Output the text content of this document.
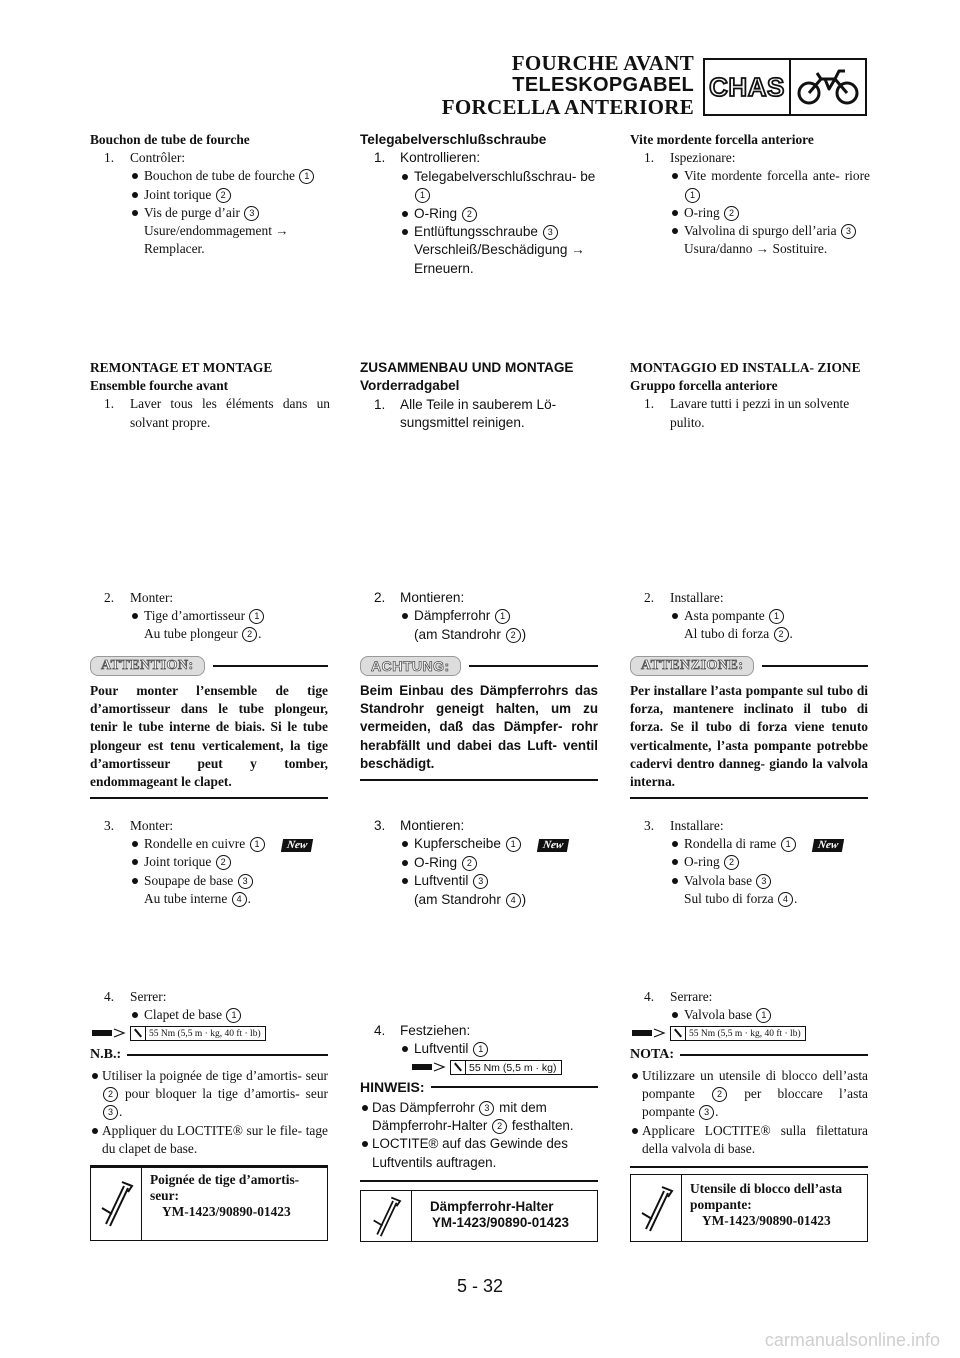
FOURCHE AVANT
TELESKOPGABEL
FORCELLA ANTERIORE
CHAS
Bouchon de tube de fourche
1.	Contrôler:
Bouchon de tube de fourche 1
Joint torique 2
Vis de purge d’air 3
Usure/endommagement →
Remplacer.
REMONTAGE ET MONTAGE
Ensemble fourche avant
1.	Laver tous les éléments dans un solvant propre.
2.	Monter:
Tige d’amortisseur 1
Au tube plongeur 2 .
ATTENTION:
Pour monter l’ensemble de tige d’amortisseur dans le tube plongeur, tenir le tube interne de biais. Si le tube plongeur est tenu verticalement, la tige d’amortisseur peut y tomber, endommageant le clapet.
3.	Monter:
Rondelle en cuivre 1 New
Joint torique 2
Soupape de base 3
Au tube interne 4 .
4.	Serrer:
Clapet de base 1
55 Nm (5,5 m · kg, 40 ft · lb)
N.B.:
Utiliser la poignée de tige d’amortis- seur 2 pour bloquer la tige d’amortis- seur 3 .
Appliquer du LOCTITE® sur le file- tage du clapet de base.
Poignée de tige d’amortis- seur:
YM-1423/90890-01423
Telegabelverschlußschraube
1.	Kontrollieren:
Telegabelverschlußschrau- be 1
O-Ring 2
Entlüftungsschraube 3
Verschleiß/Beschädigung →
Erneuern.
ZUSAMMENBAU UND MONTAGE
Vorderradgabel
1.	Alle Teile in sauberem Lö- sungsmittel reinigen.
2.	Montieren:
Dämpferrohr 1
(am Standrohr 2 )
ACHTUNG:
Beim Einbau des Dämpferrohrs das Standrohr geneigt halten, um zu vermeiden, daß das Dämpfer- rohr herabfällt und dabei das Luft- ventil beschädigt.
3.	Montieren:
Kupferscheibe 1 New
O-Ring 2
Luftventil 3
(am Standrohr 4 )
4.	Festziehen:
Luftventil 1
55 Nm (5,5 m · kg)
HINWEIS:
Das Dämpferrohr 3 mit dem Dämpferrohr-Halter 2 festhalten.
LOCTITE® auf das Gewinde des Luftventils auftragen.
Dämpferrohr-Halter
YM-1423/90890-01423
Vite mordente forcella anteriore
1.	Ispezionare:
Vite mordente forcella ante- riore 1
O-ring 2
Valvolina di spurgo dell’aria 3
Usura/danno → Sostituire.
MONTAGGIO ED INSTALLA- ZIONE
Gruppo forcella anteriore
1.	Lavare tutti i pezzi in un solvente pulito.
2.	Installare:
Asta pompante 1
Al tubo di forza 2 .
ATTENZIONE:
Per installare l’asta pompante sul tubo di forza, mantenere inclinato il tubo di forza. Se il tubo di forza viene tenuto verticalmente, l’asta pompante potrebbe cadervi dentro danneg- giando la valvola interna.
3.	Installare:
Rondella di rame 1 New
O-ring 2
Valvola base 3
Sul tubo di forza 4 .
4.	Serrare:
Valvola base 1
55 Nm (5,5 m · kg, 40 ft · lb)
NOTA:
Utilizzare un utensile di blocco dell’asta pompante 2 per bloccare l’asta pompante 3 .
Applicare LOCTITE® sulla filettatura della valvola di base.
Utensile di blocco dell’asta pompante:
YM-1423/90890-01423
5 - 32
carmanualsonline.info
